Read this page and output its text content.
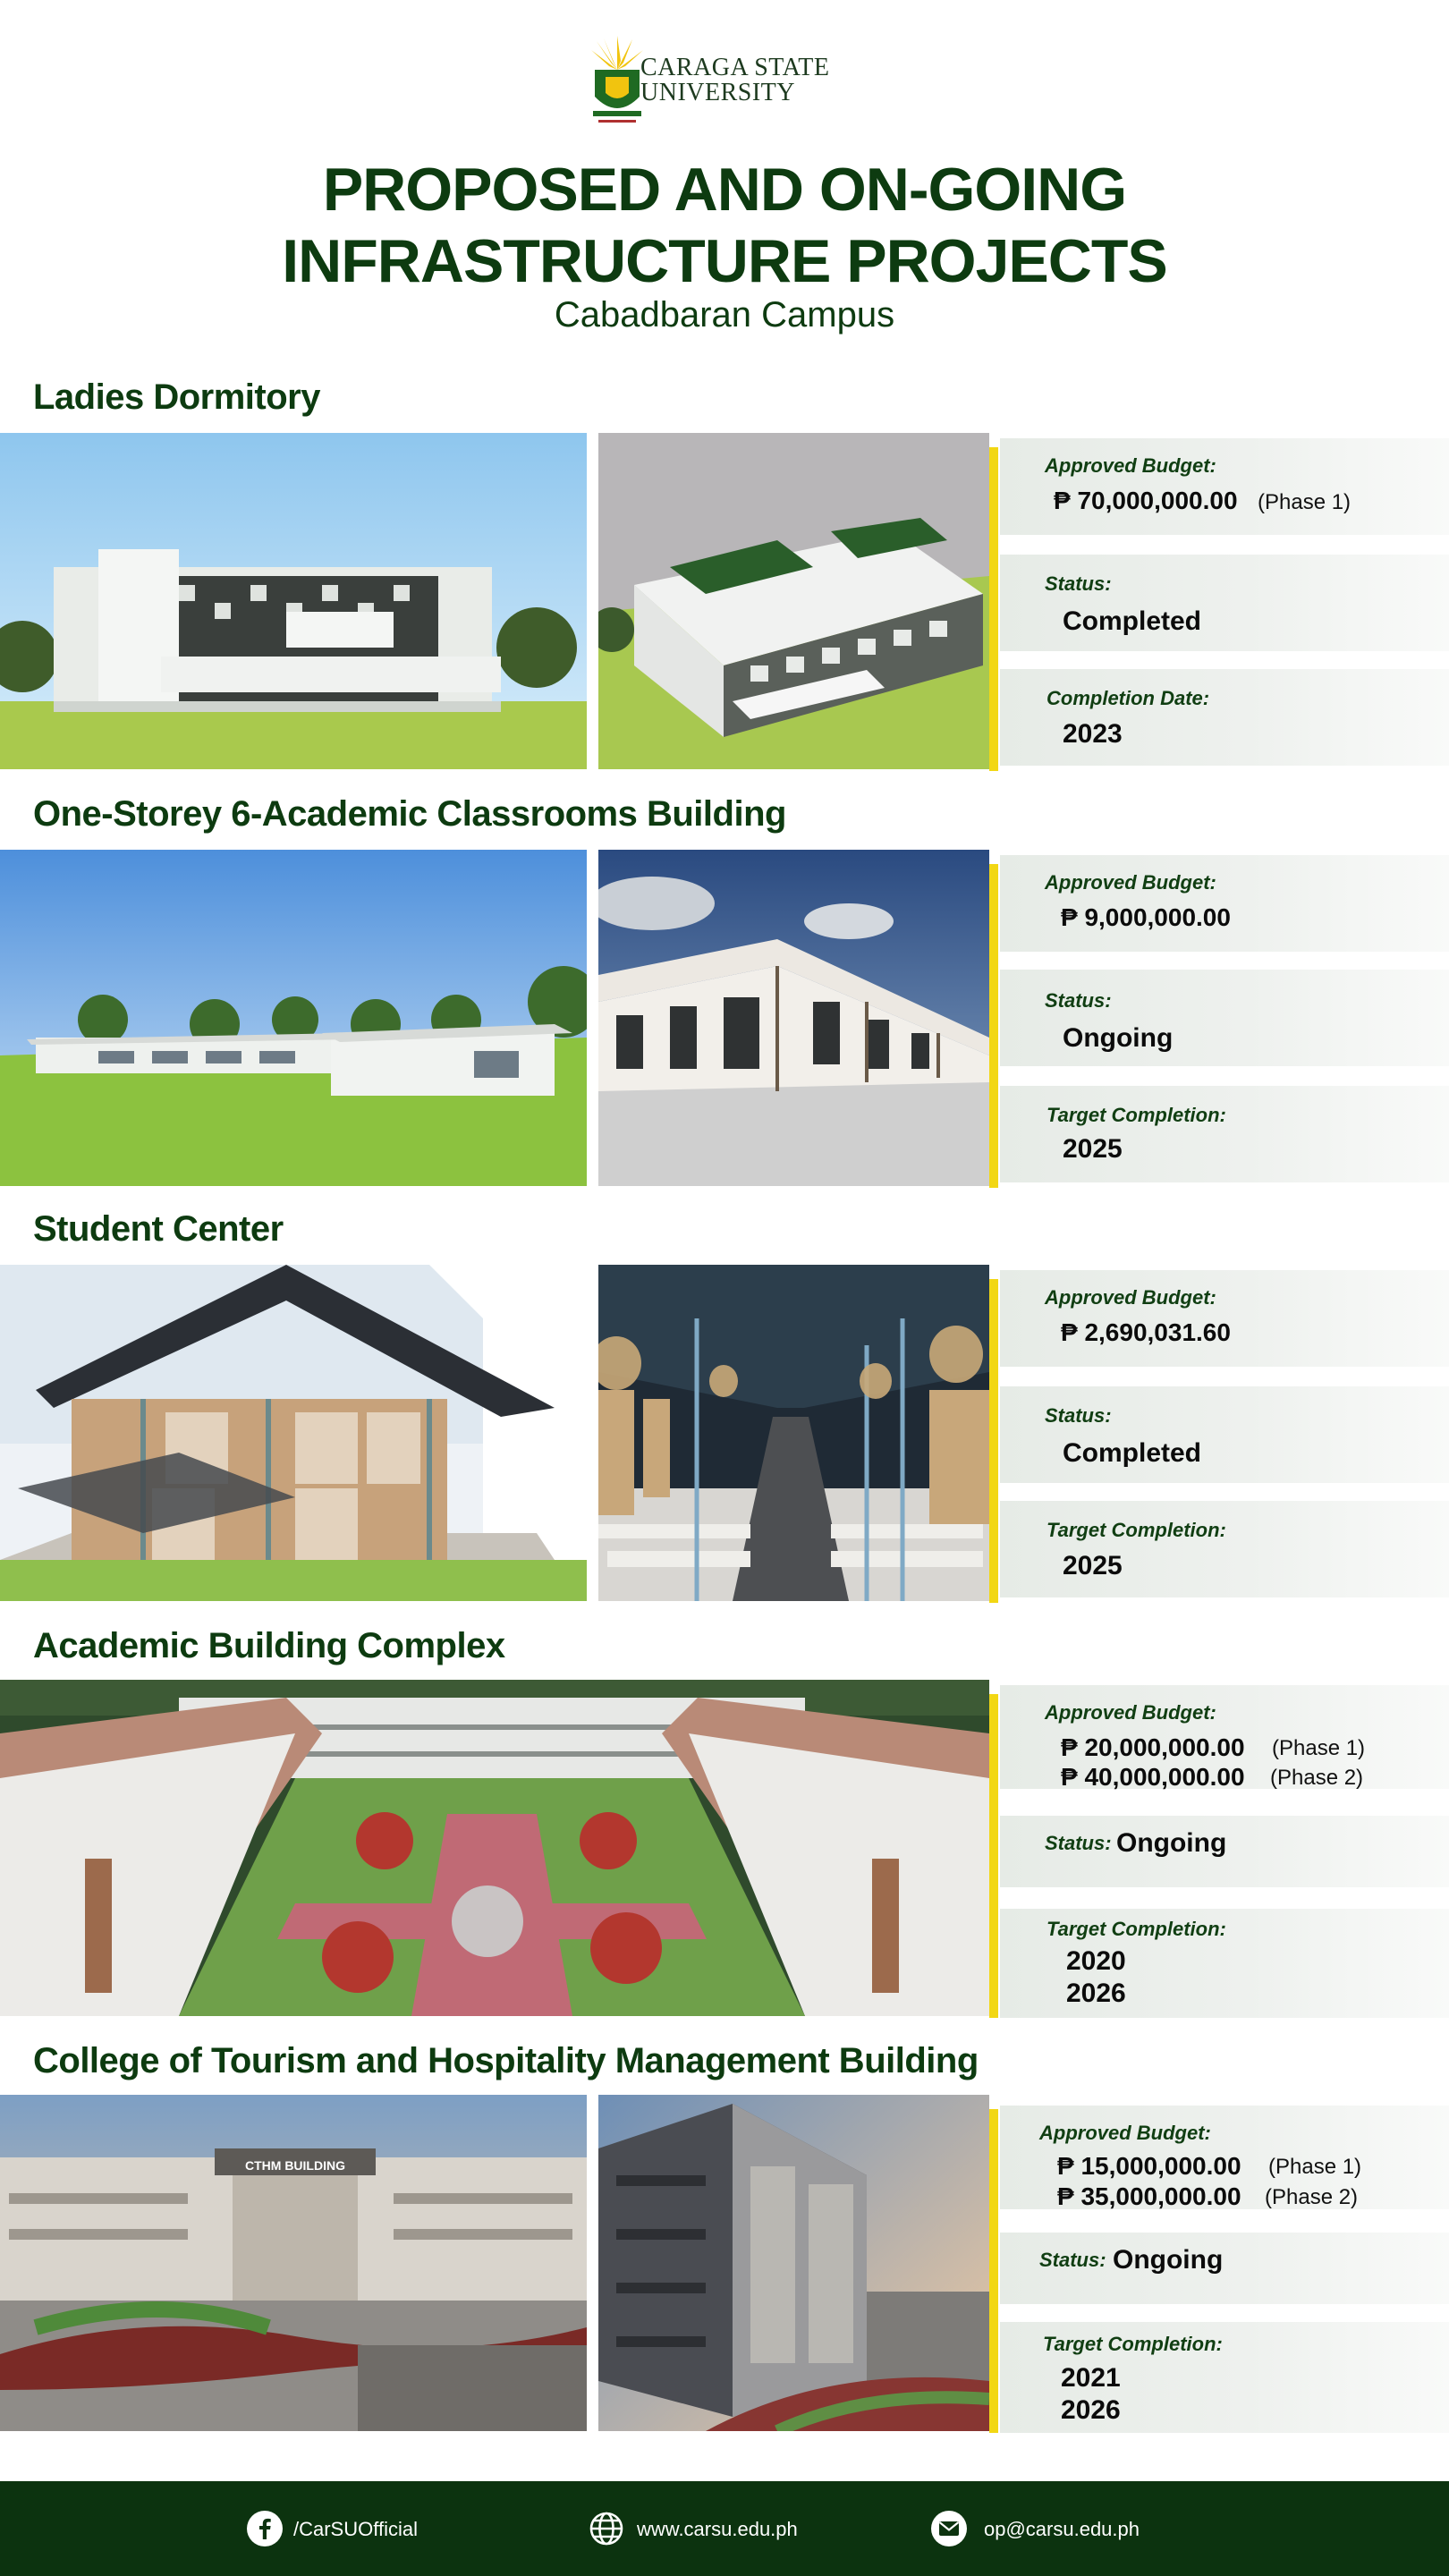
CARAGA STATE
UNIVERSITY
PROPOSED AND ON-GOING
INFRASTRUCTURE PROJECTS
Cabadbaran Campus
Ladies Dormitory
Approved Budget:
₱ 70,000,000.00 (Phase 1)
Status:
Completed
Completion Date:
2023
One-Storey 6-Academic Classrooms Building
Approved Budget:
₱ 9,000,000.00
Status:
Ongoing
Target Completion:
2025
Student Center
Approved Budget:
₱ 2,690,031.60
Status:
Completed
Target Completion:
2025
Academic Building Complex
Approved Budget:
₱ 20,000,000.00 (Phase 1)
₱ 40,000,000.00 (Phase 2)
Status: Ongoing
Target Completion:
2020
2026
College of Tourism and Hospitality Management Building
CTHM BUILDING
Approved Budget:
₱ 15,000,000.00 (Phase 1)
₱ 35,000,000.00 (Phase 2)
Status: Ongoing
Target Completion:
2021
2026
/CarSUOfficial	www.carsu.edu.ph	op@carsu.edu.ph
